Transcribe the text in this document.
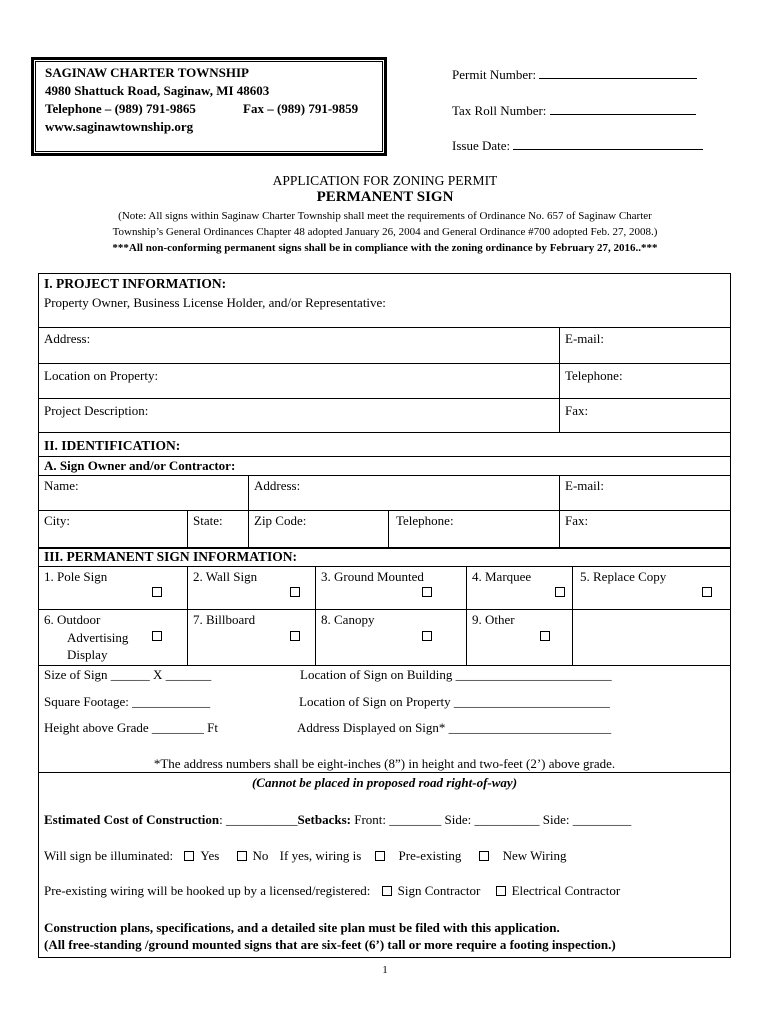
SAGINAW CHARTER TOWNSHIP
4980 Shattuck Road, Saginaw, MI 48603
Telephone – (989) 791-9865	Fax – (989) 791-9859
www.saginawtownship.org
Permit Number:
Tax Roll Number:
Issue Date:
APPLICATION FOR ZONING PERMIT
PERMANENT SIGN
(Note: All signs within Saginaw Charter Township shall meet the requirements of Ordinance No. 657 of Saginaw Charter
Township’s General Ordinances Chapter 48 adopted January 26, 2004 and General Ordinance #700 adopted Feb. 27, 2008.)
***All non-conforming permanent signs shall be in compliance with the zoning ordinance by February 27, 2016..***
I. PROJECT INFORMATION:
Property Owner, Business License Holder, and/or Representative:
Address:	E-mail:
Location on Property:	Telephone:
Project Description:	Fax:
II. IDENTIFICATION:
A. Sign Owner and/or Contractor:
Name:	Address:	E-mail:
City:	State: Zip Code:	Telephone:	Fax:
III. PERMANENT SIGN INFORMATION:
1. Pole Sign	2. Wall Sign	3. Ground Mounted	4. Marquee	5. Replace Copy
6. Outdoor
Advertising
Display
7. Billboard	8. Canopy	9. Other
Size of Sign ______ X _______
Square Footage: ____________
Height above Grade ________ Ft
Location of Sign on Building ________________________
Location of Sign on Property ________________________
Address Displayed on Sign* _________________________
*The address numbers shall be eight-inches (8”) in height and two-feet (2’) above grade.
(Cannot be placed in proposed road right-of-way)
Estimated Cost of Construction: ___________Setbacks: Front: ________ Side: __________ Side: _________
Will sign be illuminated: Yes	No If yes, wiring is	Pre-existing	New Wiring
Pre-existing wiring will be hooked up by a licensed/registered: Sign Contractor Electrical Contractor
Construction plans, specifications, and a detailed site plan must be filed with this application.
(All free-standing /ground mounted signs that are six-feet (6’) tall or more require a footing inspection.)
1
